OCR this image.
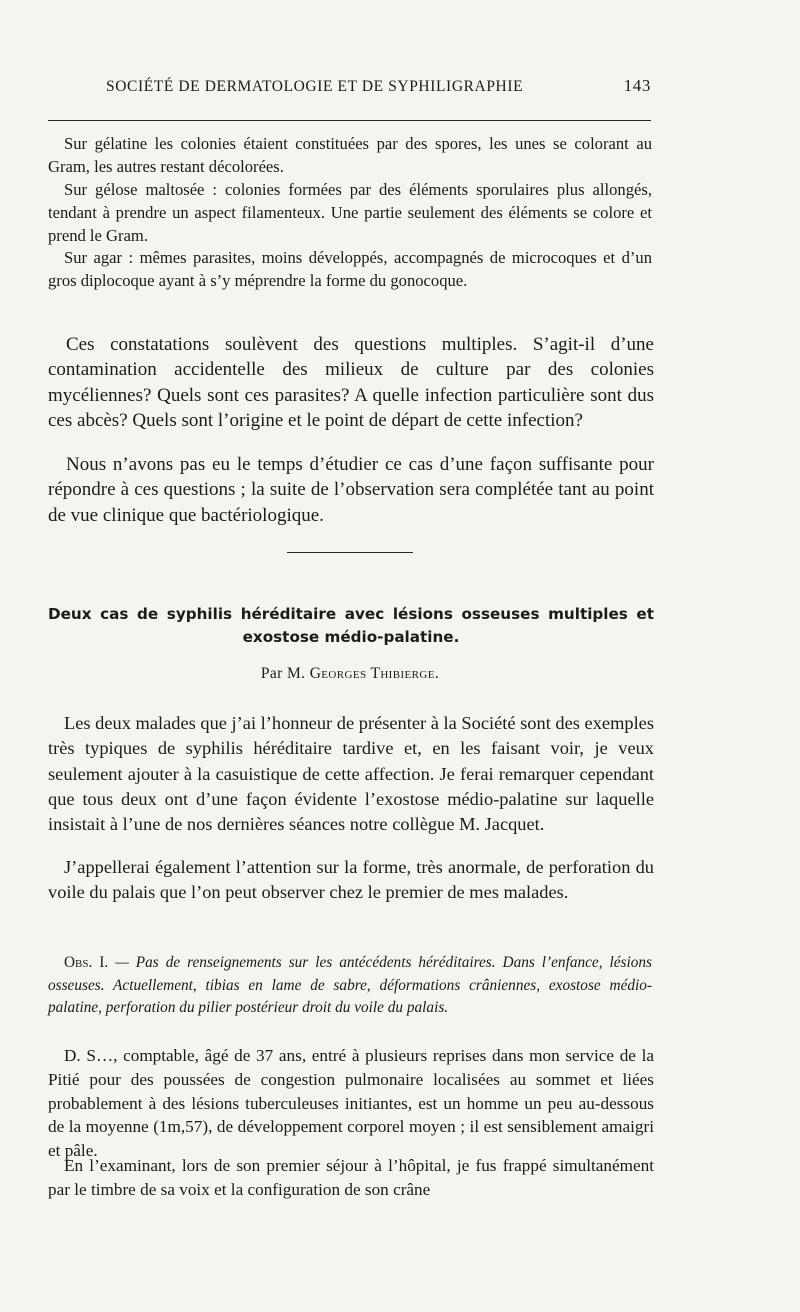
SOCIÉTÉ DE DERMATOLOGIE ET DE SYPHILIGRAPHIE	143

Sur gélatine les colonies étaient constituées par des spores, les unes se colorant au Gram, les autres restant décolorées.

Sur gélose maltosée : colonies formées par des éléments sporulaires plus allongés, tendant à prendre un aspect filamenteux. Une partie seulement des éléments se colore et prend le Gram.

Sur agar : mêmes parasites, moins développés, accompagnés de microcoques et d’un gros diplocoque ayant à s’y méprendre la forme du gonocoque.

Ces constatations soulèvent des questions multiples. S’agit-il d’une contamination accidentelle des milieux de culture par des colonies mycéliennes? Quels sont ces parasites? A quelle infection particulière sont dus ces abcès? Quels sont l’origine et le point de départ de cette infection?

Nous n’avons pas eu le temps d’étudier ce cas d’une façon suffisante pour répondre à ces questions ; la suite de l’observation sera complétée tant au point de vue clinique que bactériologique.

Deux cas de syphilis héréditaire avec lésions osseuses multiples et
exostose médio-palatine.
Par M. Georges Thibierge.

Les deux malades que j’ai l’honneur de présenter à la Société sont des exemples très typiques de syphilis héréditaire tardive et, en les faisant voir, je veux seulement ajouter à la casuistique de cette affection. Je ferai remarquer cependant que tous deux ont d’une façon évidente l’exostose médio-palatine sur laquelle insistait à l’une de nos dernières séances notre collègue M. Jacquet.

J’appellerai également l’attention sur la forme, très anormale, de perforation du voile du palais que l’on peut observer chez le premier de mes malades.

Obs. I. — Pas de renseignements sur les antécédents héréditaires. Dans l’enfance, lésions osseuses. Actuellement, tibias en lame de sabre, déformations crâniennes, exostose médio-palatine, perforation du pilier postérieur droit du voile du palais.

D. S…, comptable, âgé de 37 ans, entré à plusieurs reprises dans mon service de la Pitié pour des poussées de congestion pulmonaire localisées au sommet et liées probablement à des lésions tuberculeuses initiantes, est un homme un peu au-dessous de la moyenne (1m,57), de développement corporel moyen ; il est sensiblement amaigri et pâle.

En l’examinant, lors de son premier séjour à l’hôpital, je fus frappé simultanément par le timbre de sa voix et la configuration de son crâne
